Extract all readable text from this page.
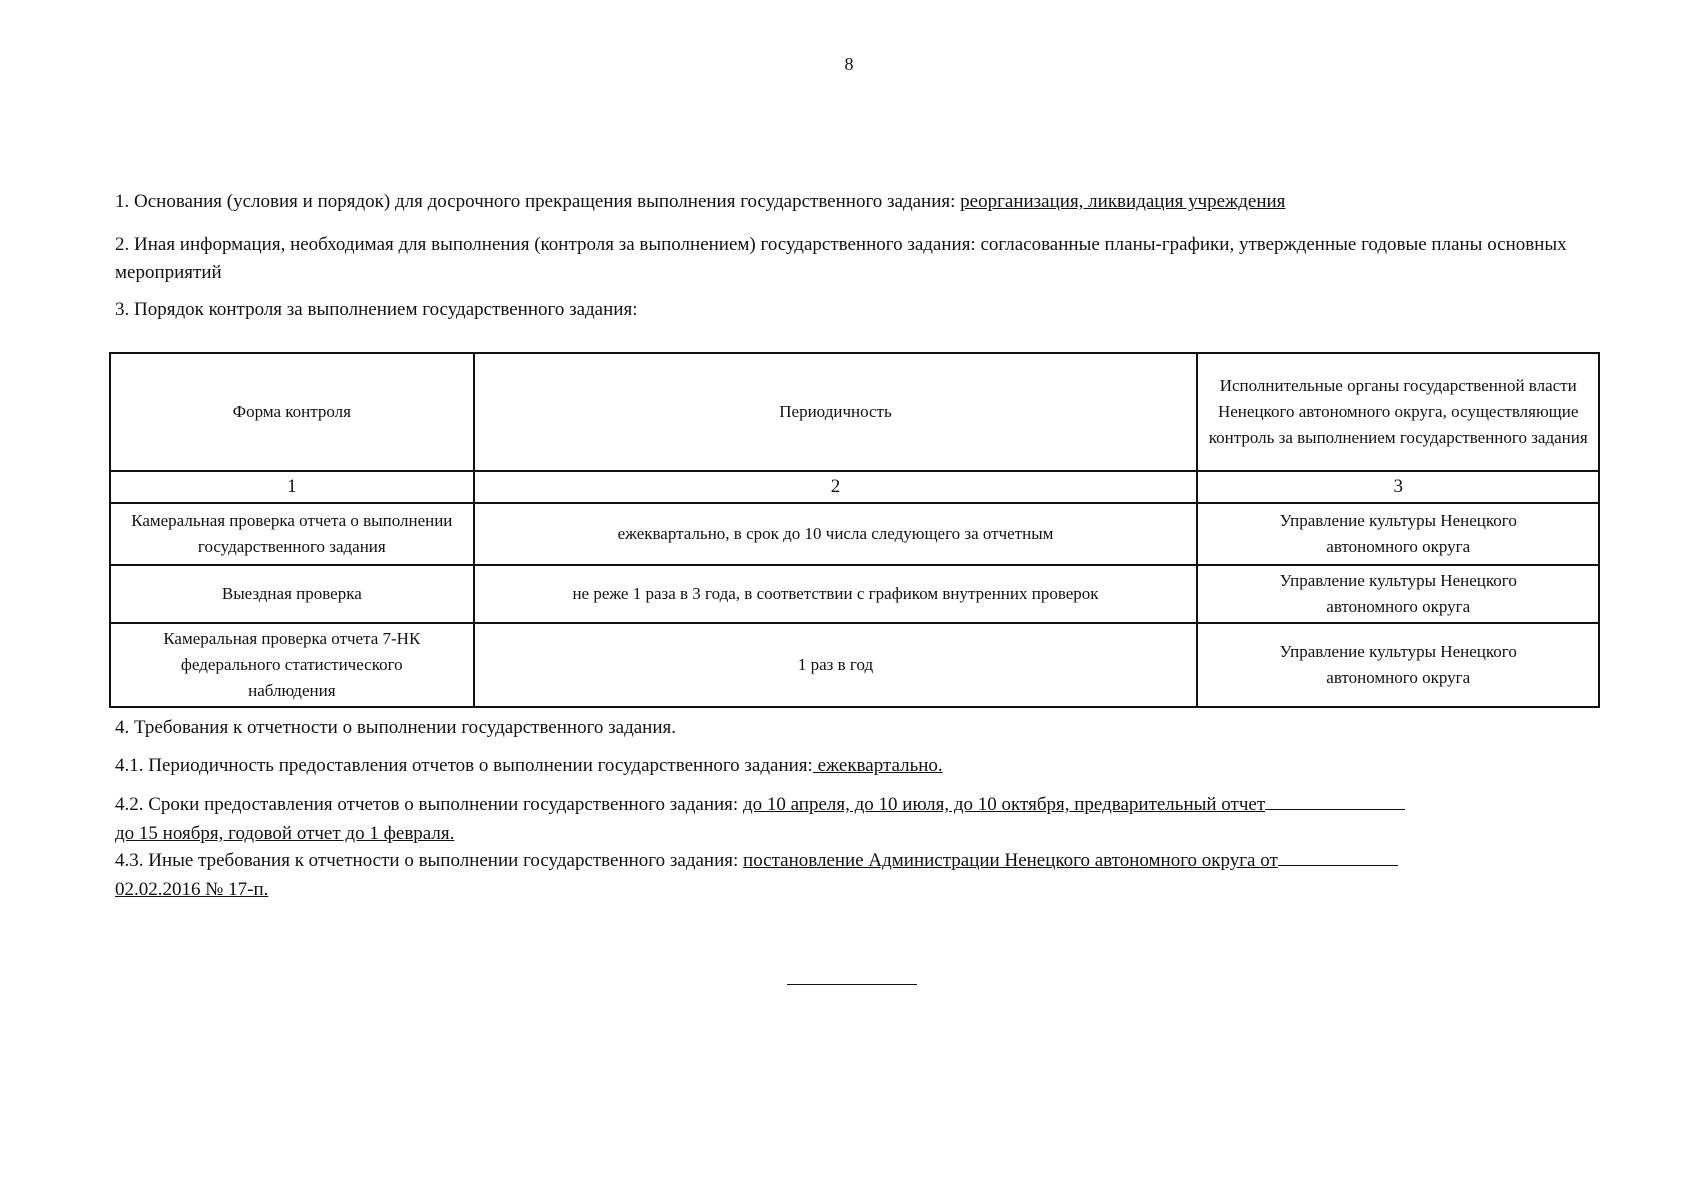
8

1. Основания (условия и порядок) для досрочного прекращения выполнения государственного задания: реорганизация, ликвидация учреждения

2. Иная информация, необходимая для выполнения (контроля за выполнением) государственного задания: согласованные планы-графики, утвержденные годовые планы основных мероприятий

3. Порядок контроля за выполнением государственного задания:

Форма контроля	Периодичность	Исполнительные органы государственной власти Ненецкого автономного округа, осуществляющие контроль за выполнением государственного задания
1	2	3
Камеральная проверка отчета о выполнении государственного задания	ежеквартально, в срок до 10 числа следующего за отчетным	Управление культуры Ненецкого автономного округа
Выездная проверка	не реже 1 раза в 3 года, в соответствии с графиком внутренних проверок	Управление культуры Ненецкого автономного округа
Камеральная проверка отчета 7-НК федерального статистического наблюдения	1 раз в год	Управление культуры Ненецкого автономного округа

4. Требования к отчетности о выполнении государственного задания.

4.1. Периодичность предоставления отчетов о выполнении государственного задания: ежеквартально.

4.2. Сроки предоставления отчетов о выполнении государственного задания: до 10 апреля, до 10 июля, до 10 октября, предварительный отчет
до 15 ноября, годовой отчет до 1 февраля.

4.3. Иные требования к отчетности о выполнении государственного задания: постановление Администрации Ненецкого автономного округа от
02.02.2016 № 17-п.
